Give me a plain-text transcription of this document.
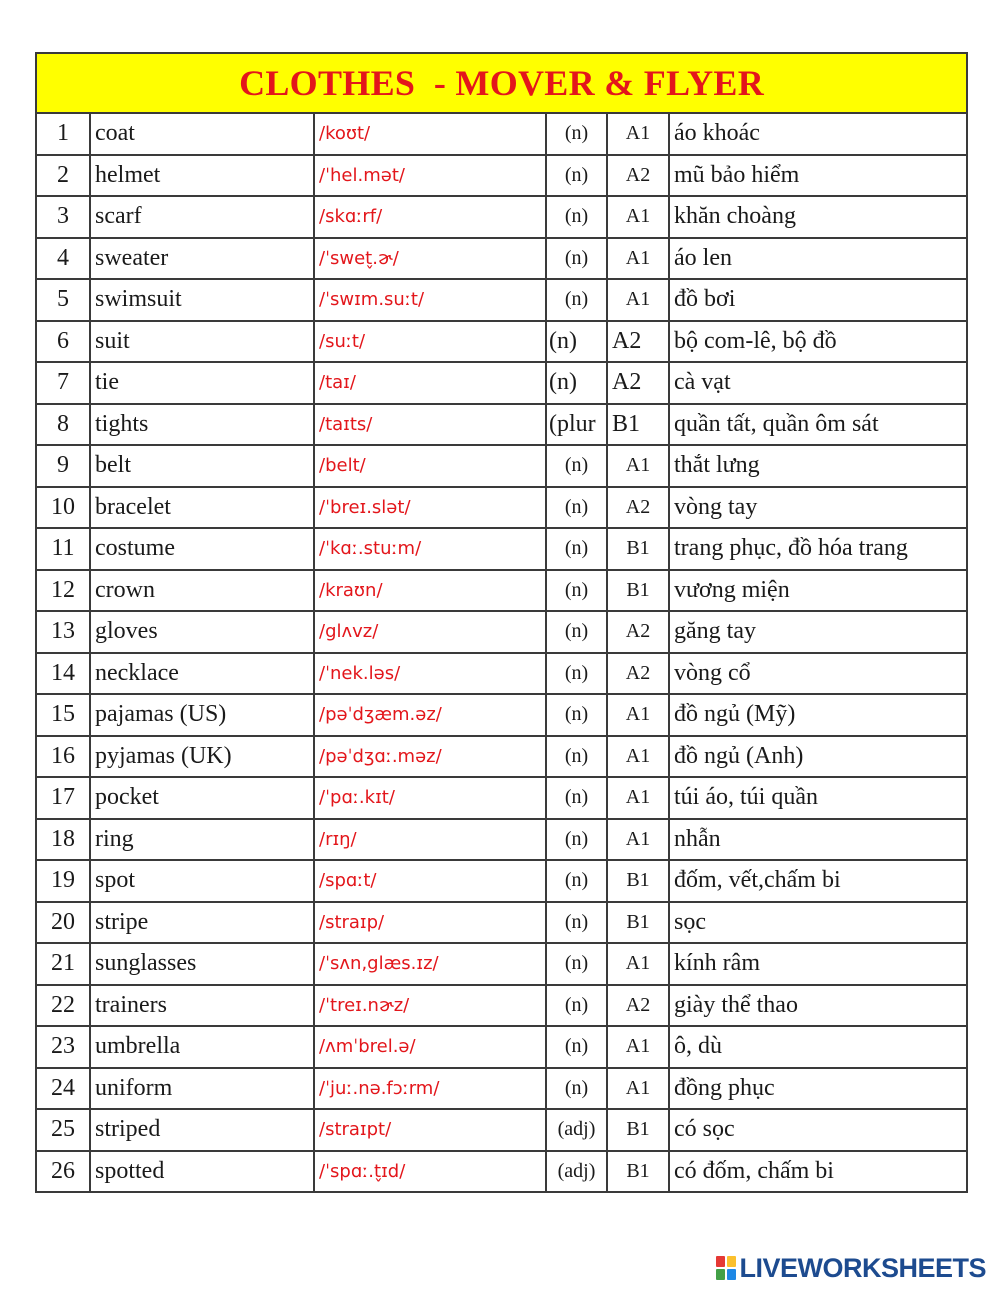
CLOTHES  - MOVER & FLYER					
1	coat	/koʊt/	(n)	A1	áo khoác
2	helmet	/ˈhel.mət/	(n)	A2	mũ bảo hiểm
3	scarf	/skɑːrf/	(n)	A1	khăn choàng
4	sweater	/ˈswet̬.ɚ/	(n)	A1	áo len
5	swimsuit	/ˈswɪm.suːt/	(n)	A1	đồ bơi
6	suit	/suːt/	(n)	A2	bộ com-lê, bộ đồ
7	tie	/taɪ/	(n)	A2	cà vạt
8	tights	/taɪts/	(plur	B1	quần tất, quần ôm sát
9	belt	/belt/	(n)	A1	thắt lưng
10	bracelet	/ˈbreɪ.slət/	(n)	A2	vòng tay
11	costume	/ˈkɑː.stuːm/	(n)	B1	trang phục, đồ hóa trang
12	crown	/kraʊn/	(n)	B1	vương miện
13	gloves	/glʌvz/	(n)	A2	găng tay
14	necklace	/ˈnek.ləs/	(n)	A2	vòng cổ
15	pajamas (US)	/pəˈdʒæm.əz/	(n)	A1	đồ ngủ (Mỹ)
16	pyjamas (UK)	/pəˈdʒɑː.məz/	(n)	A1	đồ ngủ (Anh)
17	pocket	/ˈpɑː.kɪt/	(n)	A1	túi áo, túi quần
18	ring	/rɪŋ/	(n)	A1	nhẫn
19	spot	/spɑːt/	(n)	B1	đốm, vết,chấm bi
20	stripe	/straɪp/	(n)	B1	sọc
21	sunglasses	/ˈsʌn,glæs.ɪz/	(n)	A1	kính râm
22	trainers	/ˈtreɪ.nɚz/	(n)	A2	giày thể thao
23	umbrella	/ʌmˈbrel.ə/	(n)	A1	ô, dù
24	uniform	/ˈjuː.nə.fɔːrm/	(n)	A1	đồng phục
25	striped	/straɪpt/	(adj)	B1	có sọc
26	spotted	/ˈspɑː.t̬ɪd/	(adj)	B1	có đốm, chấm bi
LIVEWORKSHEETS
